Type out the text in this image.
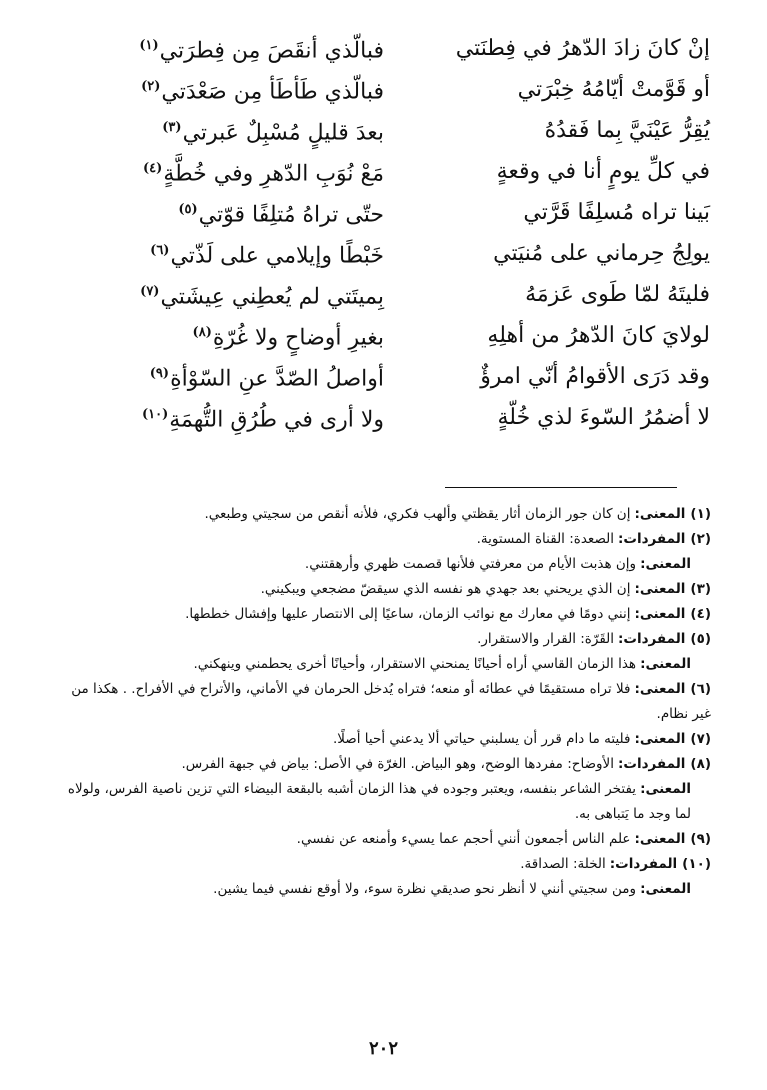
إنْ كانَ زادَ الدّهرُ في فِطنَتي
فبالّذي أنقَصَ مِن فِطرَتي$^{(١)}$
أو قَوَّمتْ أيّامُهُ خِبْرَتي
فبالّذي طَأطَأ مِن صَعْدَتي$^{(٢)}$
يُقِرُّ عَيْنَيَّ بِما فَقدُهُ
بعدَ قليلٍ مُسْبِلٌ عَبرتي$^{(٣)}$
في كلِّ يومٍ أنا في وقعةٍ
مَعْ نُوَبِ الدّهرِ وفي خُطَّةٍ$^{(٤)}$
بَينا تراه مُسلِفًا قَرَّتي
حتّى تراهُ مُتلِفًا قوّتي$^{(٥)}$
يولِجُ حِرماني على مُنيَتي
خَبْطًا وإيلامي على لَذّتي$^{(٦)}$
فليتَهُ لمّا طَوى عَزمَهُ
بِميتَتي لم يُعطِني عِيشَتي$^{(٧)}$
لولايَ كانَ الدّهرُ من أهلِهِ
بغيرِ أوضاحٍ ولا غُرّةِ$^{(٨)}$
وقد دَرَى الأقوامُ أنّي امرؤٌ
أواصلُ الصّدَّ عنِ السّوْأةِ$^{(٩)}$
لا أضمُرُ السّوءَ لذي خُلّةٍ
ولا أرى في طُرُقِ التُّهمَةِ$^{(١٠)}$
(١)المعنى:إن كان جور الزمان أثار يقظتي وألهب فكري، فلأنه أنقص من سجيتي وطبعي.
(٢)المفردات:الصعدة: القناة المستوية.
المعنى:وإن هذبت الأيام من معرفتي فلأنها قصمت ظهري وأرهقتني.
(٣)المعنى:إن الذي يريحني بعد جهدي هو نفسه الذي سيقضّ مضجعي ويبكيني.
(٤)المعنى:إنني دومًا في معارك مع نوائب الزمان، ساعيًا إلى الانتصار عليها وإفشال خططها.
(٥)المفردات:القَرّة: القرار والاستقرار.
المعنى:هذا الزمان القاسي أراه أحيانًا يمنحني الاستقرار، وأحيانًا أخرى يحطمني وينهكني.
(٦)المعنى:فلا تراه مستقيمًا في عطائه أو منعه؛ فتراه يُدخل الحرمان في الأماني، والأتراح في الأفراح. . هكذا من غير نظام.
(٧)المعنى:فليته ما دام قرر أن يسلبني حياتي ألا يدعني أحيا أصلًا.
(٨)المفردات:الأوضاح: مفردها الوضح، وهو البياض. الغرّة في الأصل: بياض في جبهة الفرس.
المعنى:يفتخر الشاعر بنفسه، ويعتبر وجوده في هذا الزمان أشبه بالبقعة البيضاء التي تزين ناصية الفرس، ولولاه لما وجد ما يَتباهى به.
(٩)المعنى:علم الناس أجمعون أنني أحجم عما يسيء وأمنعه عن نفسي.
(١٠)المفردات:الخلة: الصداقة.
المعنى:ومن سجيتي أنني لا أنظر نحو صديقي نظرة سوء، ولا أوقع نفسي فيما يشين.
٢٠٢
